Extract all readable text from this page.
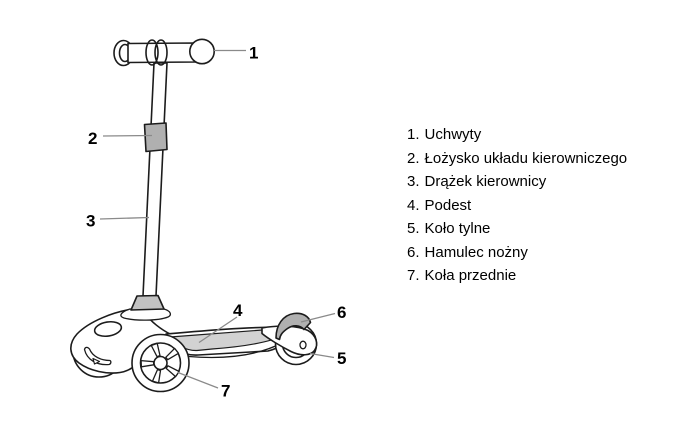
1
2
3
4
5
6
7
1. Uchwyty
2. Łożysko układu kierowniczego
3. Drążek kierownicy
4. Podest
5. Koło tylne
6. Hamulec nożny
7. Koła przednie
